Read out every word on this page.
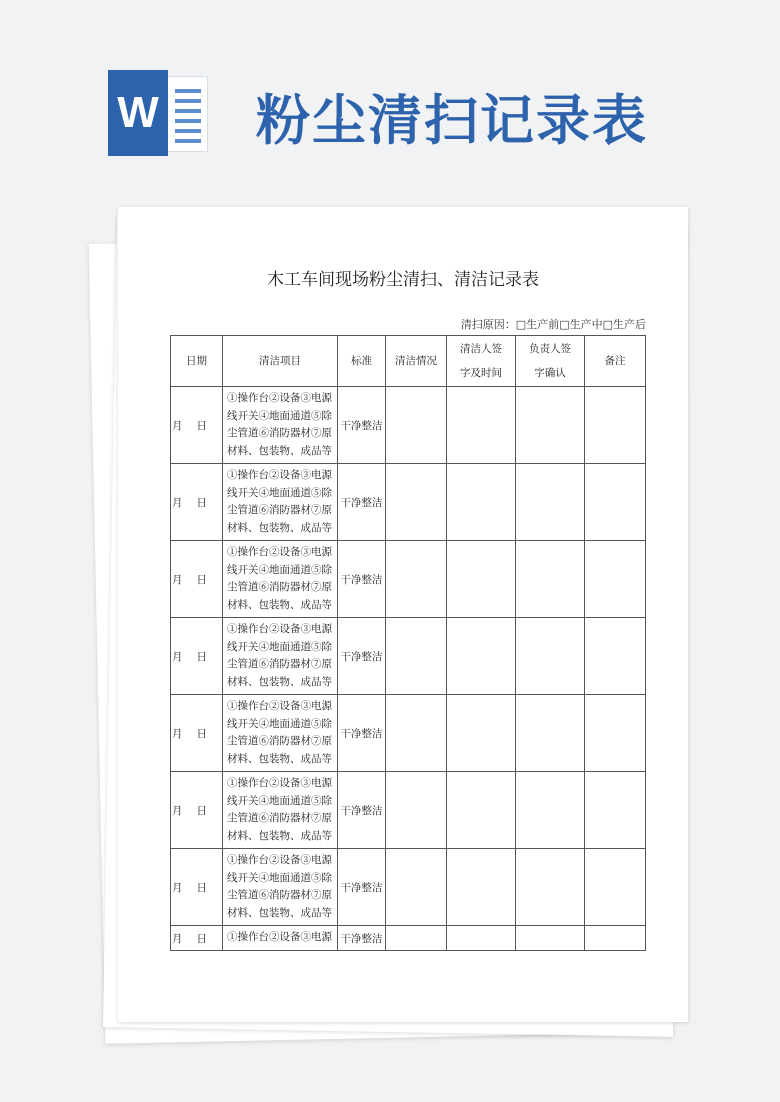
W 粉尘清扫记录表
木工车间现场粉尘清扫、清洁记录表
清扫原因：□生产前□生产中□生产后
日期	清洁项目	标准	清洁情况	清洁人签字及时间	负责人签字确认	备注
月日	①操作台②设备③电源线开关④地面通道⑤除尘管道⑥消防器材⑦原材料、包装物、成品等	干净整洁				
月日	①操作台②设备③电源线开关④地面通道⑤除尘管道⑥消防器材⑦原材料、包装物、成品等	干净整洁				
月日	①操作台②设备③电源线开关④地面通道⑤除尘管道⑥消防器材⑦原材料、包装物、成品等	干净整洁				
月日	①操作台②设备③电源线开关④地面通道⑤除尘管道⑥消防器材⑦原材料、包装物、成品等	干净整洁				
月日	①操作台②设备③电源线开关④地面通道⑤除尘管道⑥消防器材⑦原材料、包装物、成品等	干净整洁				
月日	①操作台②设备③电源线开关④地面通道⑤除尘管道⑥消防器材⑦原材料、包装物、成品等	干净整洁				
月日	①操作台②设备③电源线开关④地面通道⑤除尘管道⑥消防器材⑦原材料、包装物、成品等	干净整洁				
月日	①操作台②设备③电源	干净整洁				
